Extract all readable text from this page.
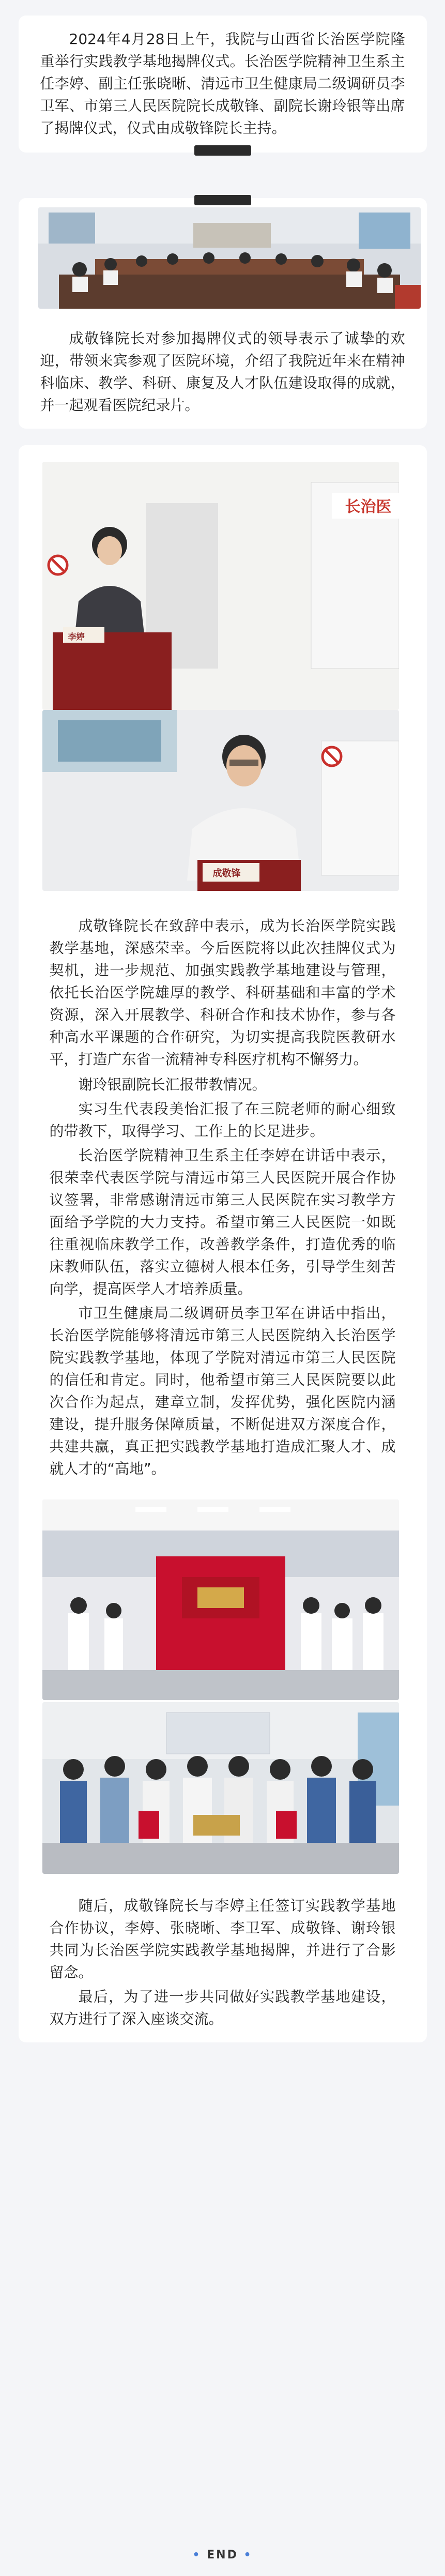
2024年4月28日上午，我院与山西省长治医学院隆重举行实践教学基地揭牌仪式。长治医学院精神卫生系主任李婷、副主任张晓晰、清远市卫生健康局二级调研员李卫军、市第三人民医院院长成敬锋、副院长谢玲银等出席了揭牌仪式，仪式由成敬锋院长主持。

成敬锋院长对参加揭牌仪式的领导表示了诚挚的欢迎，带领来宾参观了医院环境，介绍了我院近年来在精神科临床、教学、科研、康复及人才队伍建设取得的成就，并一起观看医院纪录片。

李婷
长治医
成敬锋

成敬锋院长在致辞中表示，成为长治医学院实践教学基地，深感荣幸。今后医院将以此次挂牌仪式为契机，进一步规范、加强实践教学基地建设与管理，依托长治医学院雄厚的教学、科研基础和丰富的学术资源，深入开展教学、科研合作和技术协作，参与各种高水平课题的合作研究，为切实提高我院医教研水平，打造广东省一流精神专科医疗机构不懈努力。

谢玲银副院长汇报带教情况。

实习生代表段美怡汇报了在三院老师的耐心细致的带教下，取得学习、工作上的长足进步。

长治医学院精神卫生系主任李婷在讲话中表示，很荣幸代表医学院与清远市第三人民医院开展合作协议签署，非常感谢清远市第三人民医院在实习教学方面给予学院的大力支持。希望市第三人民医院一如既往重视临床教学工作，改善教学条件，打造优秀的临床教师队伍，落实立德树人根本任务，引导学生刻苦向学，提高医学人才培养质量。

市卫生健康局二级调研员李卫军在讲话中指出，长治医学院能够将清远市第三人民医院纳入长治医学院实践教学基地，体现了学院对清远市第三人民医院的信任和肯定。同时，他希望市第三人民医院要以此次合作为起点，建章立制，发挥优势，强化医院内涵建设，提升服务保障质量，不断促进双方深度合作，共建共赢，真正把实践教学基地打造成汇聚人才、成就人才的“高地”。

随后，成敬锋院长与李婷主任签订实践教学基地合作协议，李婷、张晓晰、李卫军、成敬锋、谢玲银共同为长治医学院实践教学基地揭牌，并进行了合影留念。

最后，为了进一步共同做好实践教学基地建设，双方进行了深入座谈交流。

• END •
